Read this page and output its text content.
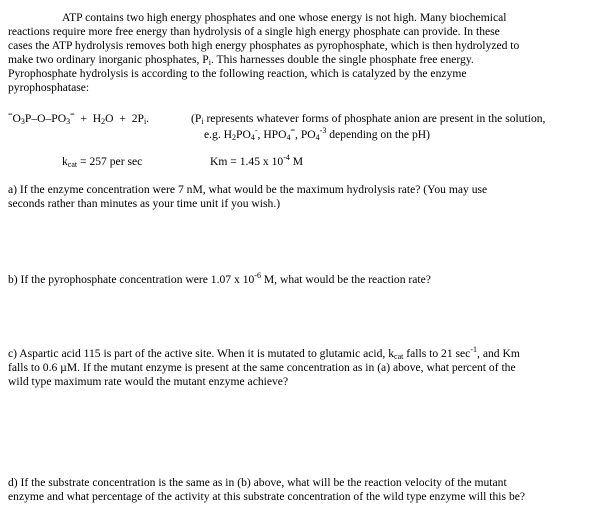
ATP contains two high energy phosphates and one whose energy is not high. Many biochemical
reactions require more free energy than hydrolysis of a single high energy phosphate can provide. In these
cases the ATP hydrolysis removes both high energy phosphates as pyrophosphate, which is then hydrolyzed to
make two ordinary inorganic phosphates, $P_i$. This harnesses double the single phosphate free energy.
Pyrophosphate hydrolysis is according to the following reaction, which is catalyzed by the enzyme
pyrophosphatase:
$^=O_3P-O-PO_3^= + H_2O + 2P_i$.	($P_i$ represents whatever forms of phosphate anion are present in the solution,
e.g. $H_2PO_4^-$, $HPO_4^=$, $PO_4^{-3}$ depending on the pH)
$k_{cat} = 257$ per sec	Km = 1.45 x $10^{-4}$ M
a) If the enzyme concentration were 7 nM, what would be the maximum hydrolysis rate? (You may use
seconds rather than minutes as your time unit if you wish.)
b) If the pyrophosphate concentration were 1.07 x $10^{-6}$ M, what would be the reaction rate?
c) Aspartic acid 115 is part of the active site. When it is mutated to glutamic acid, $k_{cat}$ falls to 21 $\sec^{-1}$, and Km
falls to 0.6 µM. If the mutant enzyme is present at the same concentration as in (a) above, what percent of the
wild type maximum rate would the mutant enzyme achieve?
d) If the substrate concentration is the same as in (b) above, what will be the reaction velocity of the mutant
enzyme and what percentage of the activity at this substrate concentration of the wild type enzyme will this be?
